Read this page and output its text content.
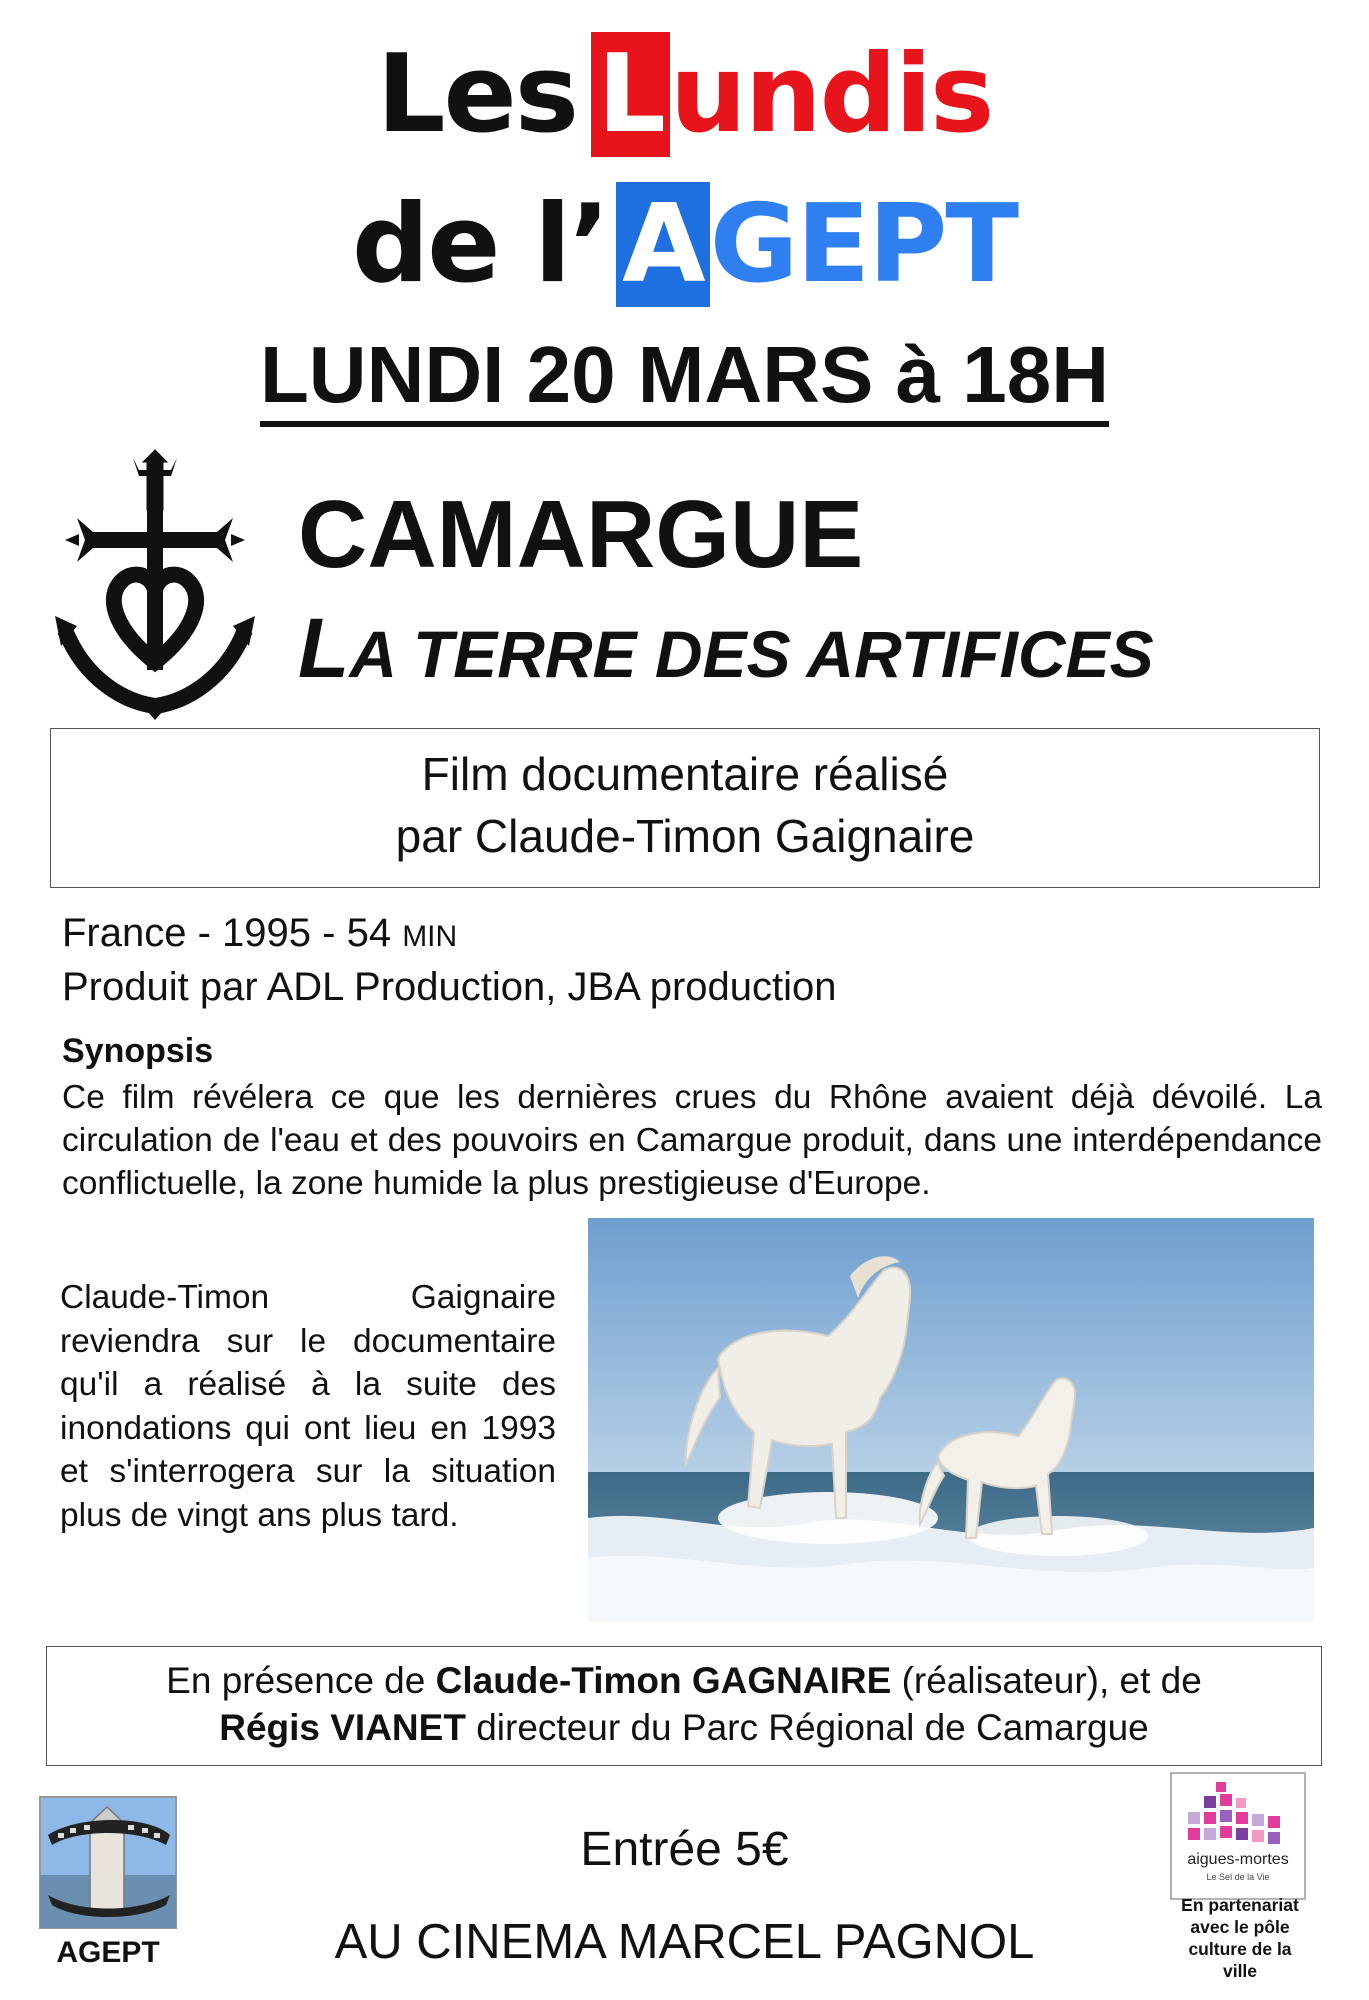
Les Lundis
de l’ AGEPT
LUNDI 20 MARS à 18H
CAMARGUE
LA TERRE DES ARTIFICES
Film documentaire réalisé
par Claude-Timon Gaignaire
France - 1995 - 54 MIN
Produit par ADL Production, JBA production
Synopsis
Ce film révélera ce que les dernières crues du Rhône avaient déjà dévoilé. La circulation de l'eau et des pouvoirs en Camargue produit, dans une interdépendance conflictuelle, la zone humide la plus prestigieuse d'Europe.
Claude-Timon Gaignaire reviendra sur le documentaire qu'il a réalisé à la suite des inondations qui ont lieu en 1993 et s'interrogera sur la situation plus de vingt ans plus tard.
En présence de Claude-Timon GAGNAIRE (réalisateur), et de
Régis VIANET directeur du Parc Régional de Camargue
AGEPT
Entrée 5€
AU CINEMA MARCEL PAGNOL
aigues-mortes
Le Sel de la Vie
En partenariat
avec le pôle
culture de la
ville
